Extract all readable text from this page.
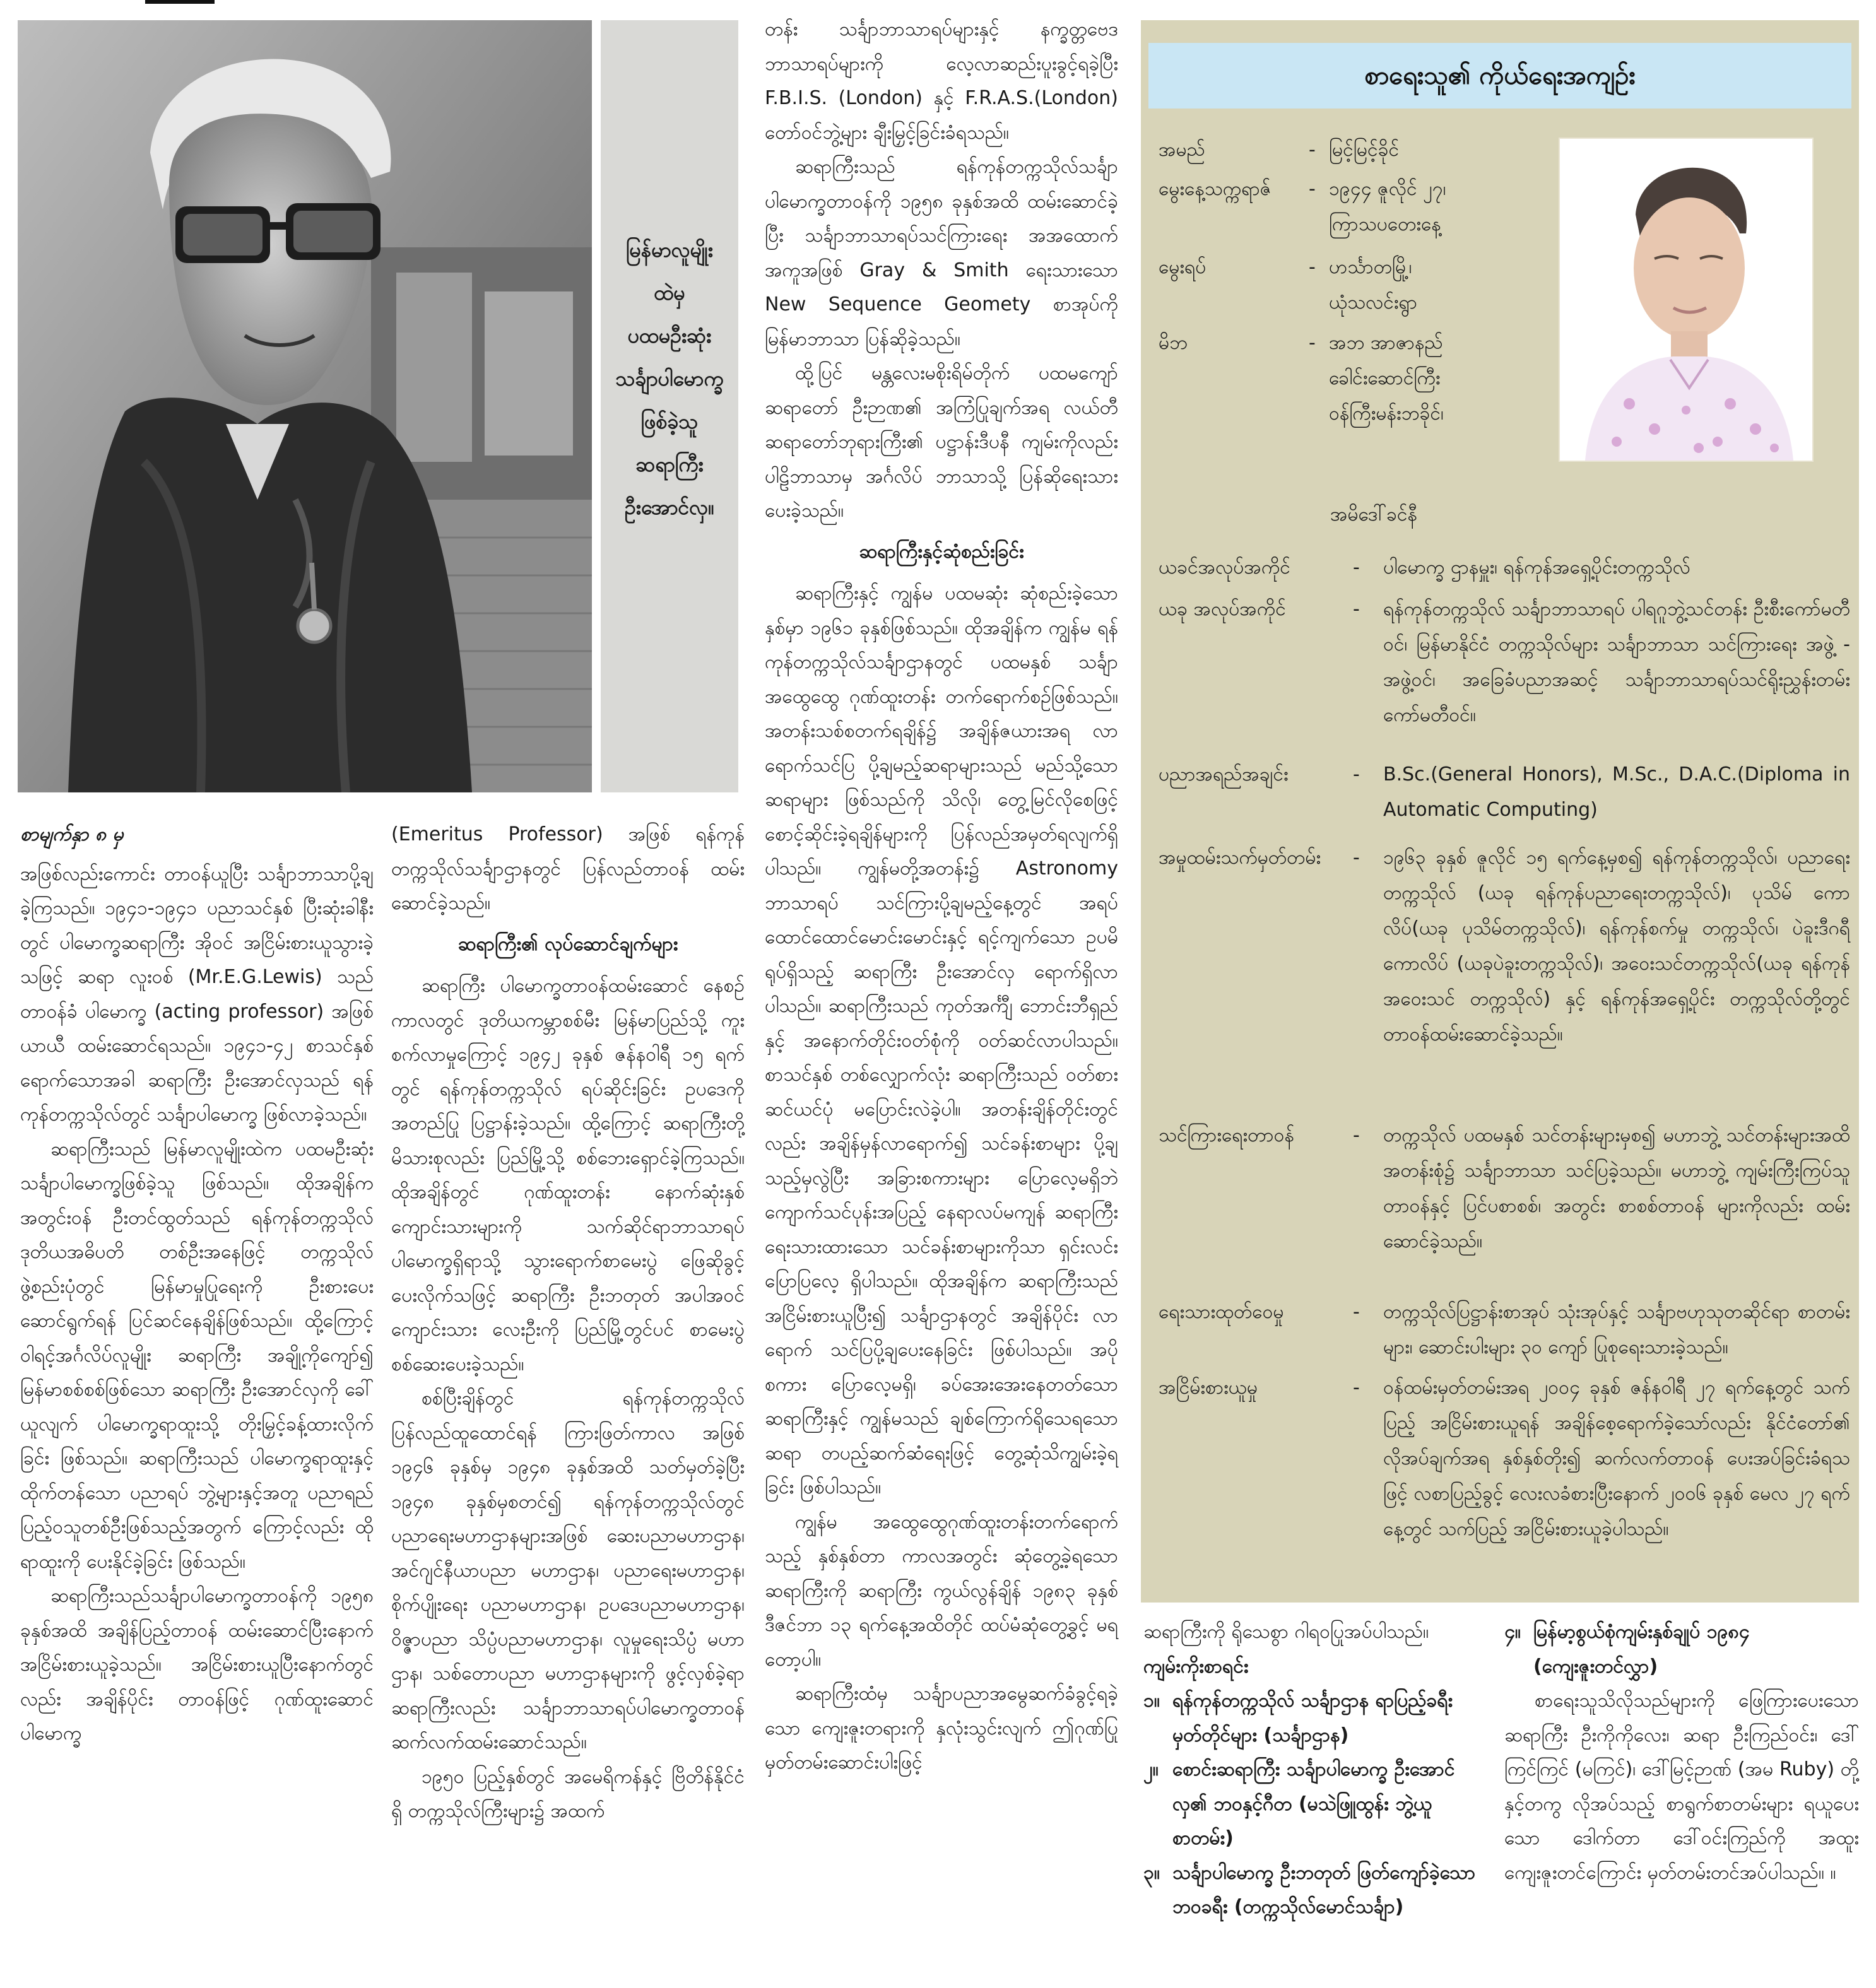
မြန်မာလူမျိုး
ထဲမှ
ပထမဦးဆုံး
သင်္ချာပါမောက္ခ
ဖြစ်ခဲ့သူ
ဆရာကြီး
ဦးအောင်လှ။

စာမျက်နှာ ၈ မှ

အဖြစ်လည်းကောင်း တာဝန်ယူပြီး သင်္ချာဘာသာပို့ချခဲ့ကြသည်။ ၁၉၄၁-၁၉၄၁ ပညာသင်နှစ် ပြီးဆုံးခါနီးတွင် ပါမောက္ခဆရာကြီး အိုဝင် အငြိမ်းစားယူသွားခဲ့သဖြင့် ဆရာ လူးဝစ် (Mr.E.G.Lewis) သည် တာဝန်ခံ ပါမောက္ခ (acting professor) အဖြစ် ယာယီ ထမ်းဆောင်ရသည်။ ၁၉၄၁-၄၂ စာသင်နှစ် ရောက်သောအခါ ဆရာကြီး ဦးအောင်လှသည် ရန်ကုန်တက္ကသိုလ်တွင် သင်္ချာပါမောက္ခ ဖြစ်လာခဲ့သည်။

ဆရာကြီးသည် မြန်မာလူမျိုးထဲက ပထမဦးဆုံး သင်္ချာပါမောက္ခဖြစ်ခဲ့သူ ဖြစ်သည်။ ထိုအချိန်က အတွင်းဝန် ဦးတင်ထွတ်သည် ရန်ကုန်တက္ကသိုလ် ဒုတိယအဓိပတိ တစ်ဦးအနေဖြင့် တက္ကသိုလ် ဖွဲ့စည်းပုံတွင် မြန်မာမှုပြုရေးကို ဦးစားပေး ဆောင်ရွက်ရန် ပြင်ဆင်နေချိန်ဖြစ်သည်။ ထို့ကြောင့် ဝါရင့်အင်္ဂလိပ်လူမျိုး ဆရာကြီး အချို့ကိုကျော်၍ မြန်မာစစ်စစ်ဖြစ်သော ဆရာကြီး ဦးအောင်လှကို ခေါ်ယူလျက် ပါမောက္ခရာထူးသို့ တိုးမြှင့်ခန့်ထားလိုက်ခြင်း ဖြစ်သည်။ ဆရာကြီးသည် ပါမောက္ခရာထူးနှင့် ထိုက်တန်သော ပညာရပ် ဘွဲ့များနှင့်အတူ ပညာရည်ပြည့်ဝသူတစ်ဦးဖြစ်သည့်အတွက် ကြောင့်လည်း ထိုရာထူးကို ပေးနိုင်ခဲ့ခြင်း ဖြစ်သည်။

ဆရာကြီးသည်သင်္ချာပါမောက္ခတာဝန်ကို ၁၉၅၈ ခုနှစ်အထိ အချိန်ပြည့်တာဝန် ထမ်းဆောင်ပြီးနောက် အငြိမ်းစားယူခဲ့သည်။ အငြိမ်းစားယူပြီးနောက်တွင်လည်း အချိန်ပိုင်း တာဝန်ဖြင့် ဂုဏ်ထူးဆောင် ပါမောက္ခ

(Emeritus Professor) အဖြစ် ရန်ကုန်တက္ကသိုလ်သင်္ချာဌာနတွင် ပြန်လည်တာဝန် ထမ်းဆောင်ခဲ့သည်။

ဆရာကြီး၏ လုပ်ဆောင်ချက်များ

ဆရာကြီး ပါမောက္ခတာဝန်ထမ်းဆောင် နေစဉ်ကာလတွင် ဒုတိယကမ္ဘာစစ်မီး မြန်မာပြည်သို့ ကူးစက်လာမှုကြောင့် ၁၉၄၂ ခုနှစ် ဇန်နဝါရီ ၁၅ ရက်တွင် ရန်ကုန်တက္ကသိုလ် ရပ်ဆိုင်းခြင်း ဥပဒေကို အတည်ပြု ပြဋ္ဌာန်းခဲ့သည်။ ထို့ကြောင့် ဆရာကြီးတို့မိသားစုလည်း ပြည်မြို့သို့ စစ်ဘေးရှောင်ခဲ့ကြသည်။ ထိုအချိန်တွင် ဂုဏ်ထူးတန်း နောက်ဆုံးနှစ် ကျောင်းသားများကို သက်ဆိုင်ရာဘာသာရပ် ပါမောက္ခရှိရာသို့ သွားရောက်စာမေးပွဲ ဖြေဆိုခွင့်ပေးလိုက်သဖြင့် ဆရာကြီး ဦးဘတုတ် အပါအဝင် ကျောင်းသား လေးဦးကို ပြည်မြို့တွင်ပင် စာမေးပွဲစစ်ဆေးပေးခဲ့သည်။

စစ်ပြီးချိန်တွင် ရန်ကုန်တက္ကသိုလ် ပြန်လည်ထူထောင်ရန် ကြားဖြတ်ကာလ အဖြစ် ၁၉၄၆ ခုနှစ်မှ ၁၉၄၈ ခုနှစ်အထိ သတ်မှတ်ခဲ့ပြီး ၁၉၄၈ ခုနှစ်မှစတင်၍ ရန်ကုန်တက္ကသိုလ်တွင် ပညာရေးမဟာဌာနများအဖြစ် ဆေးပညာမဟာဌာန၊ အင်ဂျင်နီယာပညာ မဟာဌာန၊ ပညာရေးမဟာဌာန၊ စိုက်ပျိုးရေး ပညာမဟာဌာန၊ ဥပဒေပညာမဟာဌာန၊ ဝိဇ္ဇာပညာ သိပ္ပံပညာမဟာဌာန၊ လူမှုရေးသိပ္ပံ မဟာဌာန၊ သစ်တောပညာ မဟာဌာနများကို ဖွင့်လှစ်ခဲ့ရာ ဆရာကြီးလည်း သင်္ချာဘာသာရပ်ပါမောက္ခတာဝန် ဆက်လက်ထမ်းဆောင်သည်။

၁၉၅၀ ပြည့်နှစ်တွင် အမေရိကန်နှင့် ဗြိတိန်နိုင်ငံရှိ တက္ကသိုလ်ကြီးများ၌ အထက်

တန်း သင်္ချာဘာသာရပ်များနှင့် နက္ခတ္တဗေဒဘာသာရပ်များကို လေ့လာဆည်းပူးခွင့်ရခဲ့ပြီး F.B.I.S. (London) နှင့် F.R.A.S.(London) တော်ဝင်ဘွဲ့များ ချီးမြှင့်ခြင်းခံရသည်။

ဆရာကြီးသည် ရန်ကုန်တက္ကသိုလ်သင်္ချာ ပါမောက္ခတာဝန်ကို ၁၉၅၈ ခုနှစ်အထိ ထမ်းဆောင်ခဲ့ပြီး သင်္ချာဘာသာရပ်သင်ကြားရေး အအထောက်အကူအဖြစ် Gray & Smith ရေးသားသော New Sequence Geomety စာအုပ်ကို မြန်မာဘာသာ ပြန်ဆိုခဲ့သည်။

ထို့ပြင် မန္တလေးမစိုးရိမ်တိုက် ပထမကျော် ဆရာတော် ဦးဉာဏ၏ အကြံပြုချက်အရ လယ်တီဆရာတော်ဘုရားကြီး၏ ပဋ္ဌာန်းဒီပနီ ကျမ်းကိုလည်း ပါဠိဘာသာမှ အင်္ဂလိပ် ဘာသာသို့ ပြန်ဆိုရေးသားပေးခဲ့သည်။

ဆရာကြီးနှင့်ဆုံစည်းခြင်း

ဆရာကြီးနှင့် ကျွန်မ ပထမဆုံး ဆုံစည်းခဲ့သောနှစ်မှာ ၁၉၆၁ ခုနှစ်ဖြစ်သည်။ ထိုအချိန်က ကျွန်မ ရန်ကုန်တက္ကသိုလ်သင်္ချာဌာနတွင် ပထမနှစ် သင်္ချာအထွေထွေ ဂုဏ်ထူးတန်း တက်ရောက်စဉ်ဖြစ်သည်။ အတန်းသစ်စတက်ရချိန်၌ အချိန်ဇယားအရ လာရောက်သင်ပြ ပို့ချမည့်ဆရာများသည် မည်သို့သော ဆရာများ ဖြစ်သည်ကို သိလို၊ တွေ့မြင်လိုစေဖြင့် စောင့်ဆိုင်းခဲ့ရချိန်များကို ပြန်လည်အမှတ်ရလျက်ရှိပါသည်။ ကျွန်မတို့အတန်း၌ Astronomy ဘာသာရပ် သင်ကြားပို့ချမည့်နေ့တွင် အရပ်ထောင်ထောင်မောင်းမောင်းနှင့် ရင့်ကျက်သော ဥပမိရုပ်ရှိသည့် ဆရာကြီး ဦးအောင်လှ ရောက်ရှိလာပါသည်။ ဆရာကြီးသည် ကုတ်အင်္ကျီ ဘောင်းဘီရှည်နှင့် အနောက်တိုင်းဝတ်စုံကို ဝတ်ဆင်လာပါသည်။ စာသင်နှစ် တစ်လျှောက်လုံး ဆရာကြီးသည် ဝတ်စားဆင်ယင်ပုံ မပြောင်းလဲခဲ့ပါ။ အတန်းချိန်တိုင်းတွင်လည်း အချိန်မှန်လာရောက်၍ သင်ခန်းစာများ ပို့ချသည့်မှလွဲပြီး အခြားစကားများ ပြောလေ့မရှိဘဲ ကျောက်သင်ပုန်းအပြည့် နေရာလပ်မကျန် ဆရာကြီးရေးသားထားသော သင်ခန်းစာများကိုသာ ရှင်းလင်းပြောပြလေ့ ရှိပါသည်။ ထိုအချိန်က ဆရာကြီးသည် အငြိမ်းစားယူပြီး၍ သင်္ချာဌာနတွင် အချိန်ပိုင်း လာရောက် သင်ပြပို့ချပေးနေခြင်း ဖြစ်ပါသည်။ အပိုစကား ပြောလေ့မရှိ၊ ခပ်အေးအေးနေတတ်သော ဆရာကြီးနှင့် ကျွန်မသည် ချစ်ကြောက်ရိုသေရသော ဆရာ တပည့်ဆက်ဆံရေးဖြင့် တွေ့ဆုံသိကျွမ်းခဲ့ရခြင်း ဖြစ်ပါသည်။

ကျွန်မ အထွေထွေဂုဏ်ထူးတန်းတက်ရောက်သည့် နှစ်နှစ်တာ ကာလအတွင်း ဆုံတွေ့ခဲ့ရသော ဆရာကြီးကို ဆရာကြီး ကွယ်လွန်ချိန် ၁၉၈၃ ခုနှစ် ဒီဇင်ဘာ ၁၃ ရက်နေ့အထိတိုင် ထပ်မံဆုံတွေ့ခွင့် မရတော့ပါ။

ဆရာကြီးထံမှ သင်္ချာပညာအမွေဆက်ခံခွင့်ရခဲ့သော ကျေးဇူးတရားကို နှလုံးသွင်းလျက် ဤဂုဏ်ပြုမှတ်တမ်းဆောင်းပါးဖြင့်

စာရေးသူ၏ ကိုယ်ရေးအကျဉ်း
အမည်	- မြင့်မြင့်ခိုင်
မွေးနေ့သက္ကရာဇ် - ၁၉၄၄ ဇူလိုင် ၂၇၊
ကြာသပတေးနေ့
မွေးရပ်	- ဟင်္သာတမြို့၊
ယုံသလင်းရွာ
မိဘ	- အဘ အာဇာနည်
ခေါင်းဆောင်ကြီး
ဝန်ကြီးမန်းဘခိုင်၊
အမိဒေါ်ခင်နီ
ယခင်အလုပ်အကိုင်	- ပါမောက္ခ ဌာနမှူး၊ ရန်ကုန်အရှေ့ပိုင်းတက္ကသိုလ်
ယခု အလုပ်အကိုင်	- ရန်ကုန်တက္ကသိုလ် သင်္ချာဘာသာရပ် ပါရဂူဘွဲ့သင်တန်း ဦးစီးကော်မတီဝင်၊ မြန်မာနိုင်ငံ တက္ကသိုလ်များ သင်္ချာဘာသာ သင်ကြားရေး အဖွဲ့ - အဖွဲ့ဝင်၊ အခြေခံပညာအဆင့် သင်္ချာဘာသာရပ်သင်ရိုးညွှန်းတမ်း ကော်မတီဝင်။
ပညာအရည်အချင်း	- B.Sc.(General Honors), M.Sc., D.A.C.(Diploma in Automatic Computing)
အမှုထမ်းသက်မှတ်တမ်း - ၁၉၆၃ ခုနှစ် ဇူလိုင် ၁၅ ရက်နေ့မှစ၍ ရန်ကုန်တက္ကသိုလ်၊ ပညာရေးတက္ကသိုလ် (ယခု ရန်ကုန်ပညာရေးတက္ကသိုလ်)၊ ပုသိမ် ကောလိပ်(ယခု ပုသိမ်တက္ကသိုလ်)၊ ရန်ကုန်စက်မှု တက္ကသိုလ်၊ ပဲခူးဒီဂရီကောလိပ် (ယခုပဲခူးတက္ကသိုလ်)၊ အဝေးသင်တက္ကသိုလ်(ယခု ရန်ကုန်အဝေးသင် တက္ကသိုလ်) နှင့် ရန်ကုန်အရှေ့ပိုင်း တက္ကသိုလ်တို့တွင် တာဝန်ထမ်းဆောင်ခဲ့သည်။
သင်ကြားရေးတာဝန်	- တက္ကသိုလ် ပထမနှစ် သင်တန်းများမှစ၍ မဟာဘွဲ့ သင်တန်းများအထိ အတန်းစုံ၌ သင်္ချာဘာသာ သင်ပြခဲ့သည်။ မဟာဘွဲ့ ကျမ်းကြီးကြပ်သူတာဝန်နှင့် ပြင်ပစာစစ်၊ အတွင်း စာစစ်တာဝန် များကိုလည်း ထမ်းဆောင်ခဲ့သည်။
ရေးသားထုတ်ဝေမှု	- တက္ကသိုလ်ပြဋ္ဌာန်းစာအုပ် သုံးအုပ်နှင့် သင်္ချာဗဟုသုတဆိုင်ရာ စာတမ်းများ၊ ဆောင်းပါးများ ၃၀ ကျော် ပြုစုရေးသားခဲ့သည်။
အငြိမ်းစားယူမှု	- ဝန်ထမ်းမှတ်တမ်းအရ ၂၀၀၄ ခုနှစ် ဇန်နဝါရီ ၂၇ ရက်နေ့တွင် သက်ပြည့် အငြိမ်းစားယူရန် အချိန်စေ့ရောက်ခဲ့သော်လည်း နိုင်ငံတော်၏ လိုအပ်ချက်အရ နှစ်နှစ်တိုး၍ ဆက်လက်တာဝန် ပေးအပ်ခြင်းခံရသဖြင့် လစာပြည့်ခွင့် လေးလခံစားပြီးနောက် ၂၀၀၆ ခုနှစ် မေလ ၂၇ ရက်နေ့တွင် သက်ပြည့် အငြိမ်းစားယူခဲ့ပါသည်။

ဆရာကြီးကို ရိုသေစွာ ဂါရဝပြုအပ်ပါသည်။

ကျမ်းကိုးစာရင်း

၁။ ရန်ကုန်တက္ကသိုလ် သင်္ချာဌာန ရာပြည့်ခရီး မှတ်တိုင်များ (သင်္ချာဌာန)
၂။ စောင်းဆရာကြီး သင်္ချာပါမောက္ခ ဦးအောင်လှ၏ ဘဝနှင့်ဂီတ (မသဲဖြူထွန်း ဘွဲ့ယူစာတမ်း)
၃။ သင်္ချာပါမောက္ခ ဦးဘတုတ် ဖြတ်ကျော်ခဲ့သောဘဝခရီး (တက္ကသိုလ်မောင်သင်္ချာ)
၄။ မြန်မာ့စွယ်စုံကျမ်းနှစ်ချုပ် ၁၉၈၄

(ကျေးဇူးတင်လွှာ)

စာရေးသူသိလိုသည်များကို ဖြေကြားပေးသော ဆရာကြီး ဦးကိုကိုလေး၊ ဆရာ ဦးကြည်ဝင်း၊ ဒေါ်ကြင်ကြင် (မကြင်)၊ ဒေါ်မြင့်ဉာဏ် (အမ Ruby) တို့နှင့်တကွ လိုအပ်သည့် စာရွက်စာတမ်းများ ရယူပေးသော ဒေါက်တာ ဒေါ်ဝင်းကြည်ကို အထူး ကျေးဇူးတင်ကြောင်း မှတ်တမ်းတင်အပ်ပါသည်။ ။
